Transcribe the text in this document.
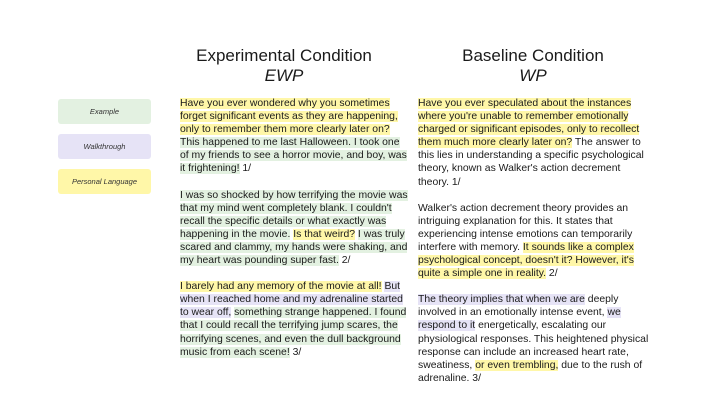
Example
Walkthrough
Personal Language
Experimental Condition
EWP
Baseline Condition
WP

Have you ever wondered why you sometimes forget significant events as they are happening, only to remember them more clearly later on? This happened to me last Halloween. I took one of my friends to see a horror movie, and boy, was it frightening! 1/

I was so shocked by how terrifying the movie was that my mind went completely blank. I couldn't recall the specific details or what exactly was happening in the movie. Is that weird? I was truly scared and clammy, my hands were shaking, and my heart was pounding super fast. 2/

I barely had any memory of the movie at all! But when I reached home and my adrenaline started to wear off, something strange happened. I found that I could recall the terrifying jump scares, the horrifying scenes, and even the dull background music from each scene! 3/

Have you ever speculated about the instances where you're unable to remember emotionally charged or significant episodes, only to recollect them much more clearly later on? The answer to this lies in understanding a specific psychological theory, known as Walker's action decrement theory. 1/

Walker's action decrement theory provides an intriguing explanation for this. It states that experiencing intense emotions can temporarily interfere with memory. It sounds like a complex psychological concept, doesn't it? However, it's quite a simple one in reality. 2/

The theory implies that when we are deeply involved in an emotionally intense event, we respond to it energetically, escalating our physiological responses. This heightened physical response can include an increased heart rate, sweatiness, or even trembling, due to the rush of adrenaline. 3/
